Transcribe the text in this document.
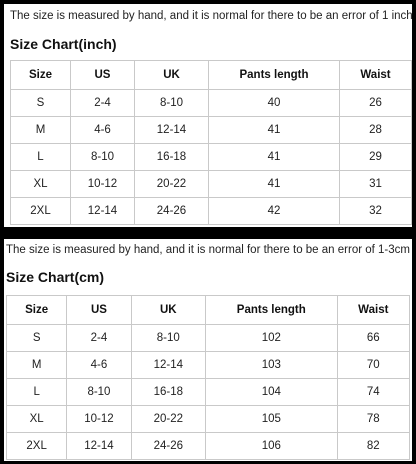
The size is measured by hand, and it is normal for there to be an error of 1 inch
Size Chart(inch)
Size	US	UK	Pants length	Waist
S	2-4	8-10	40	26
M	4-6	12-14	41	28
L	8-10	16-18	41	29
XL	10-12	20-22	41	31
2XL	12-14	24-26	42	32
The size is measured by hand, and it is normal for there to be an error of 1-3cm
Size Chart(cm)
Size	US	UK	Pants length	Waist
S	2-4	8-10	102	66
M	4-6	12-14	103	70
L	8-10	16-18	104	74
XL	10-12	20-22	105	78
2XL	12-14	24-26	106	82
